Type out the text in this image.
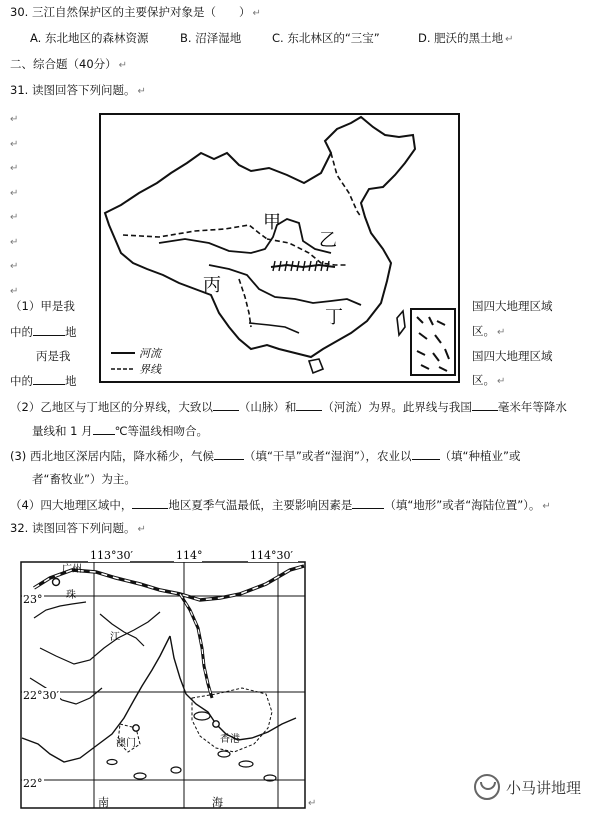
30. 三江自然保护区的主要保护对象是（　　） ↵
A. 东北地区的森林资源	B. 沼泽湿地	C. 东北林区的“三宝”	D. 肥沃的黑土地 ↵
二、综合题（40分） ↵
31. 读图回答下列问题。 ↵
↵
↵
↵
↵
↵
↵
↵
↵
甲
乙
丙
丁
河流
界线
（1）甲是我	国四大地理区域
中的	地	区。 ↵
丙是我	国四大地理区域
中的	地	区。 ↵
（2）乙地区与丁地区的分界线，大致以 （山脉）和 （河流）为界。此界线与我国 毫米年等降水
量线和 1 月 ℃等温线相吻合。
(3) 西北地区深居内陆，降水稀少，气候	（填“干旱”或者“湿润”），农业以 （填“种植业”或
者“畜牧业”）为主。
（4）四大地理区域中，	地区夏季气温最低，主要影响因素是	（填“地形”或者“海陆位置”）。 ↵
32. 读图回答下列问题。 ↵
113°30′	114°	114°30′
23°
22°30′
22°
广州
珠
江
澳门	香港
南	海	↵
小马讲地理
